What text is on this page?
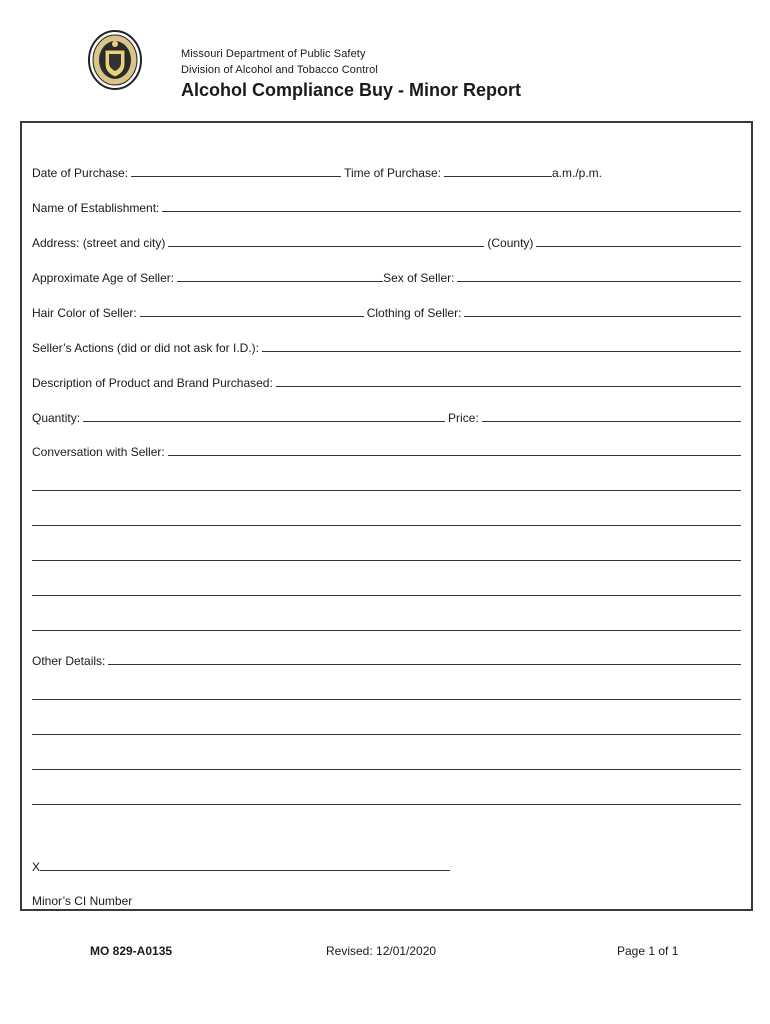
Missouri Department of Public Safety
Division of Alcohol and Tobacco Control
Alcohol Compliance Buy - Minor Report
Date of Purchase:	Time of Purchase:	a.m./p.m.
Name of Establishment:
Address: (street and city)	(County)
Approximate Age of Seller:	Sex of Seller:
Hair Color of Seller:	Clothing of Seller:
Seller’s Actions (did or did not ask for I.D.):
Description of Product and Brand Purchased:
Quantity:	Price:
Conversation with Seller:
Other Details:
X
Minor’s CI Number
MO 829-A0135	Revised: 12/01/2020	Page 1 of 1
